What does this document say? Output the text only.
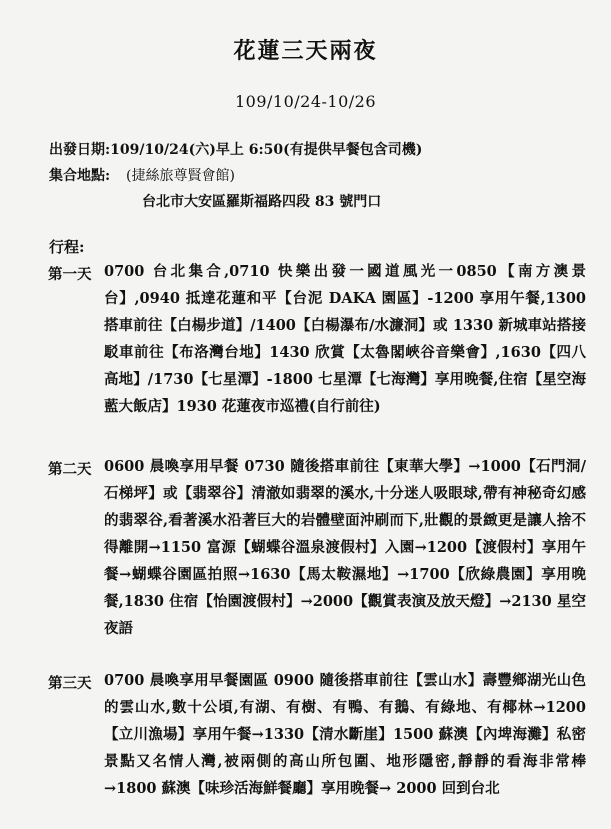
花蓮三天兩夜
109/10/24-10/26
出發日期:109/10/24(六)早上 6:50(有提供早餐包含司機)
集合地點: (捷絲旅尊賢會館)
台北市大安區羅斯福路四段 83 號門口
行程:
第一天 0700 台北集合,0710 快樂出發一國道風光一0850【南方澳景台】,0940 抵達花蓮和平【台泥 DAKA 園區】-1200 享用午餐,1300 搭車前往【白楊步道】/1400【白楊瀑布/水濂洞】或 1330 新城車站搭接駁車前往【布洛灣台地】1430 欣賞【太魯閣峽谷音樂會】,1630【四八高地】/1730【七星潭】-1800 七星潭【七海灣】享用晚餐,住宿【星空海藍大飯店】1930 花蓮夜市巡禮(自行前往)
第二天 0600 晨喚享用早餐 0730 隨後搭車前往【東華大學】→1000【石門洞/石梯坪】或【翡翠谷】清澈如翡翠的溪水,十分迷人吸眼球,帶有神秘奇幻感的翡翠谷,看著溪水沿著巨大的岩體壁面沖刷而下,壯觀的景緻更是讓人捨不得離開→1150 富源【蝴蝶谷溫泉渡假村】入園→1200【渡假村】享用午餐→蝴蝶谷園區拍照→1630【馬太鞍濕地】→1700【欣綠農園】享用晚餐,1830 住宿【怡園渡假村】→2000【觀賞表演及放天燈】→2130 星空夜語
第三天 0700 晨喚享用早餐園區 0900 隨後搭車前往【雲山水】壽豐鄉湖光山色的雲山水,數十公頃,有湖、有樹、有鴨、有鵝、有綠地、有椰林→1200【立川漁場】享用午餐→1330【清水斷崖】1500 蘇澳【內埤海灘】私密景點又名情人灣,被兩側的高山所包圍、地形隱密,靜靜的看海非常棒→1800 蘇澳【味珍活海鮮餐廳】享用晚餐→ 2000 回到台北
